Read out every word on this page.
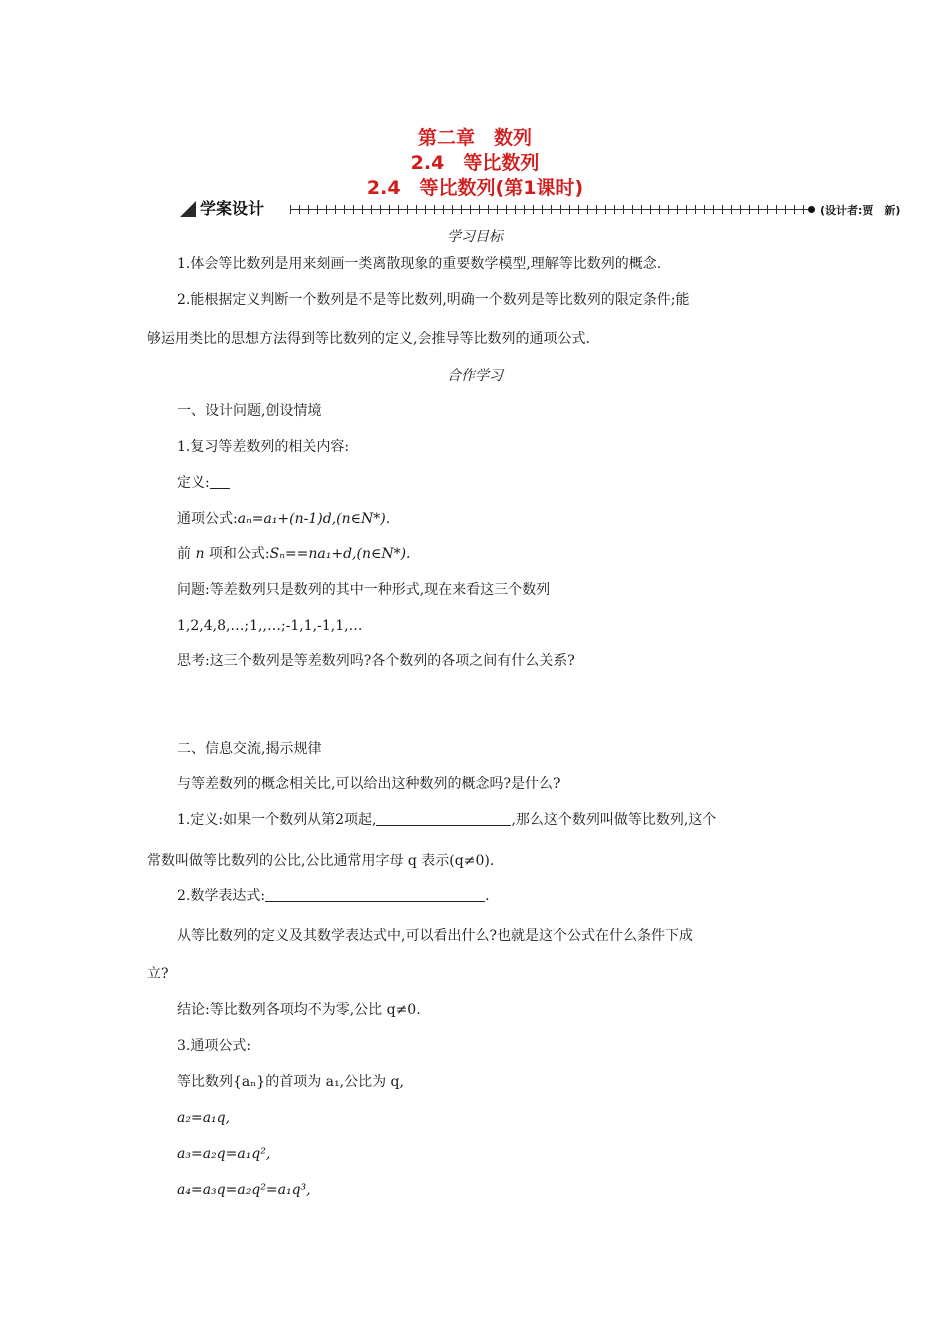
第二章　数列
2.4　等比数列
2.4　等比数列(第1课时)
学案设计	(设计者:贾　新)
学习目标
1.体会等比数列是用来刻画一类离散现象的重要数学模型,理解等比数列的概念.
2.能根据定义判断一个数列是不是等比数列,明确一个数列是等比数列的限定条件;能
够运用类比的思想方法得到等比数列的定义,会推导等比数列的通项公式.
合作学习
一、设计问题,创设情境
1.复习等差数列的相关内容:
定义:
通项公式:aₙ=a₁+(n-1)d,(n∈N*).
前 n 项和公式:Sₙ==na₁+d,(n∈N*).
问题:等差数列只是数列的其中一种形式,现在来看这三个数列
1,2,4,8,…;1,,…;-1,1,-1,1,…
思考:这三个数列是等差数列吗?各个数列的各项之间有什么关系?
二、信息交流,揭示规律
与等差数列的概念相关比,可以给出这种数列的概念吗?是什么?
1.定义:如果一个数列从第2项起,	,那么这个数列叫做等比数列,这个
常数叫做等比数列的公比,公比通常用字母 q 表示(q≠0).
2.数学表达式:	.
从等比数列的定义及其数学表达式中,可以看出什么?也就是这个公式在什么条件下成
立?
结论:等比数列各项均不为零,公比 q≠0.
3.通项公式:
等比数列{aₙ}的首项为 a₁,公比为 q,
a₂=a₁q,
a₃=a₂q=a₁q²,
a₄=a₃q=a₂q²=a₁q³,
